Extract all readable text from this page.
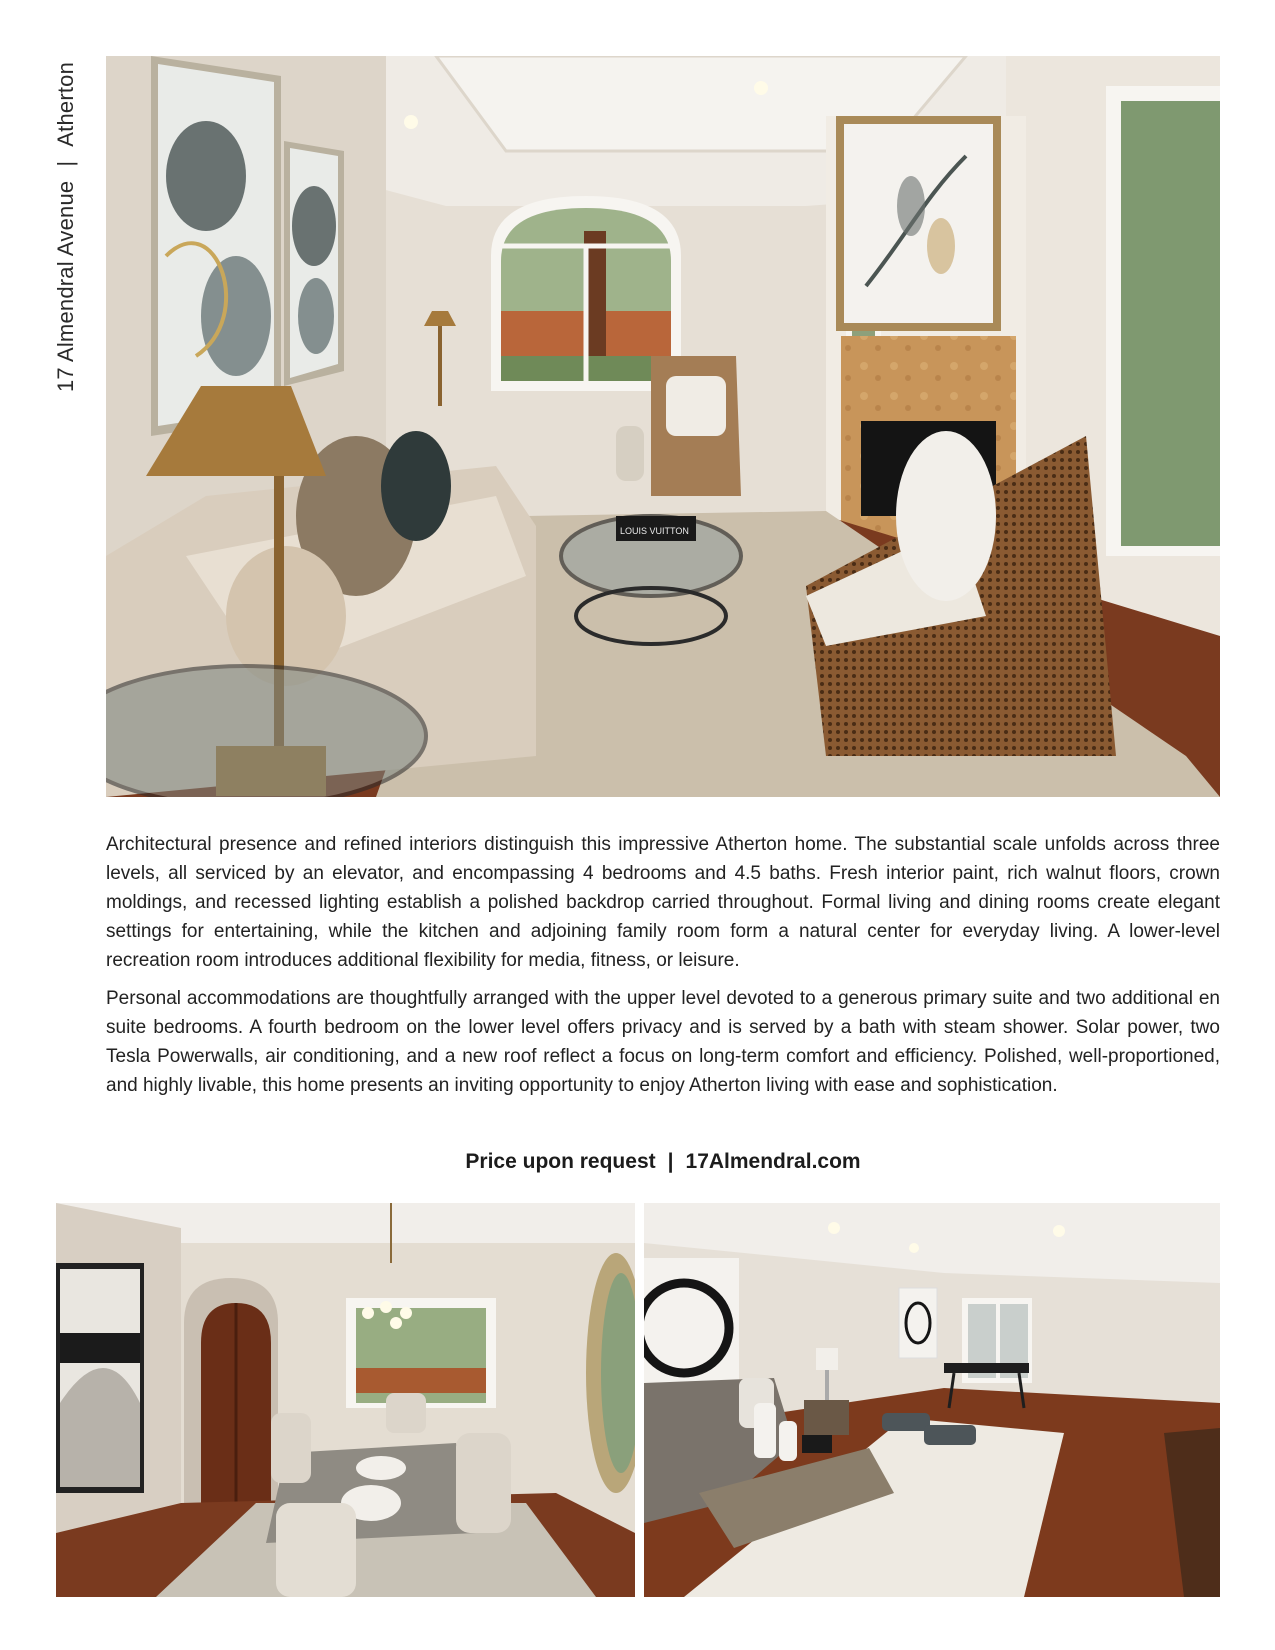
17 Almendral Avenue|Atherton
LOUIS VUITTON

Architectural presence and refined interiors distinguish this impressive Atherton home. The substantial scale unfolds across three levels, all serviced by an elevator, and encompassing 4 bedrooms and 4.5 baths. Fresh interior paint, rich walnut floors, crown moldings, and recessed lighting establish a polished backdrop carried throughout. Formal living and dining rooms create elegant settings for entertaining, while the kitchen and adjoining family room form a natural center for everyday living. A lower-level recreation room introduces additional flexibility for media, fitness, or leisure.

Personal accommodations are thoughtfully arranged with the upper level devoted to a generous primary suite and two additional en suite bedrooms. A fourth bedroom on the lower level offers privacy and is served by a bath with steam shower. Solar power, two Tesla Powerwalls, air conditioning, and a new roof reflect a focus on long-term comfort and efficiency. Polished, well-proportioned, and highly livable, this home presents an inviting opportunity to enjoy Atherton living with ease and sophistication.

Price upon request | 17Almendral.com
